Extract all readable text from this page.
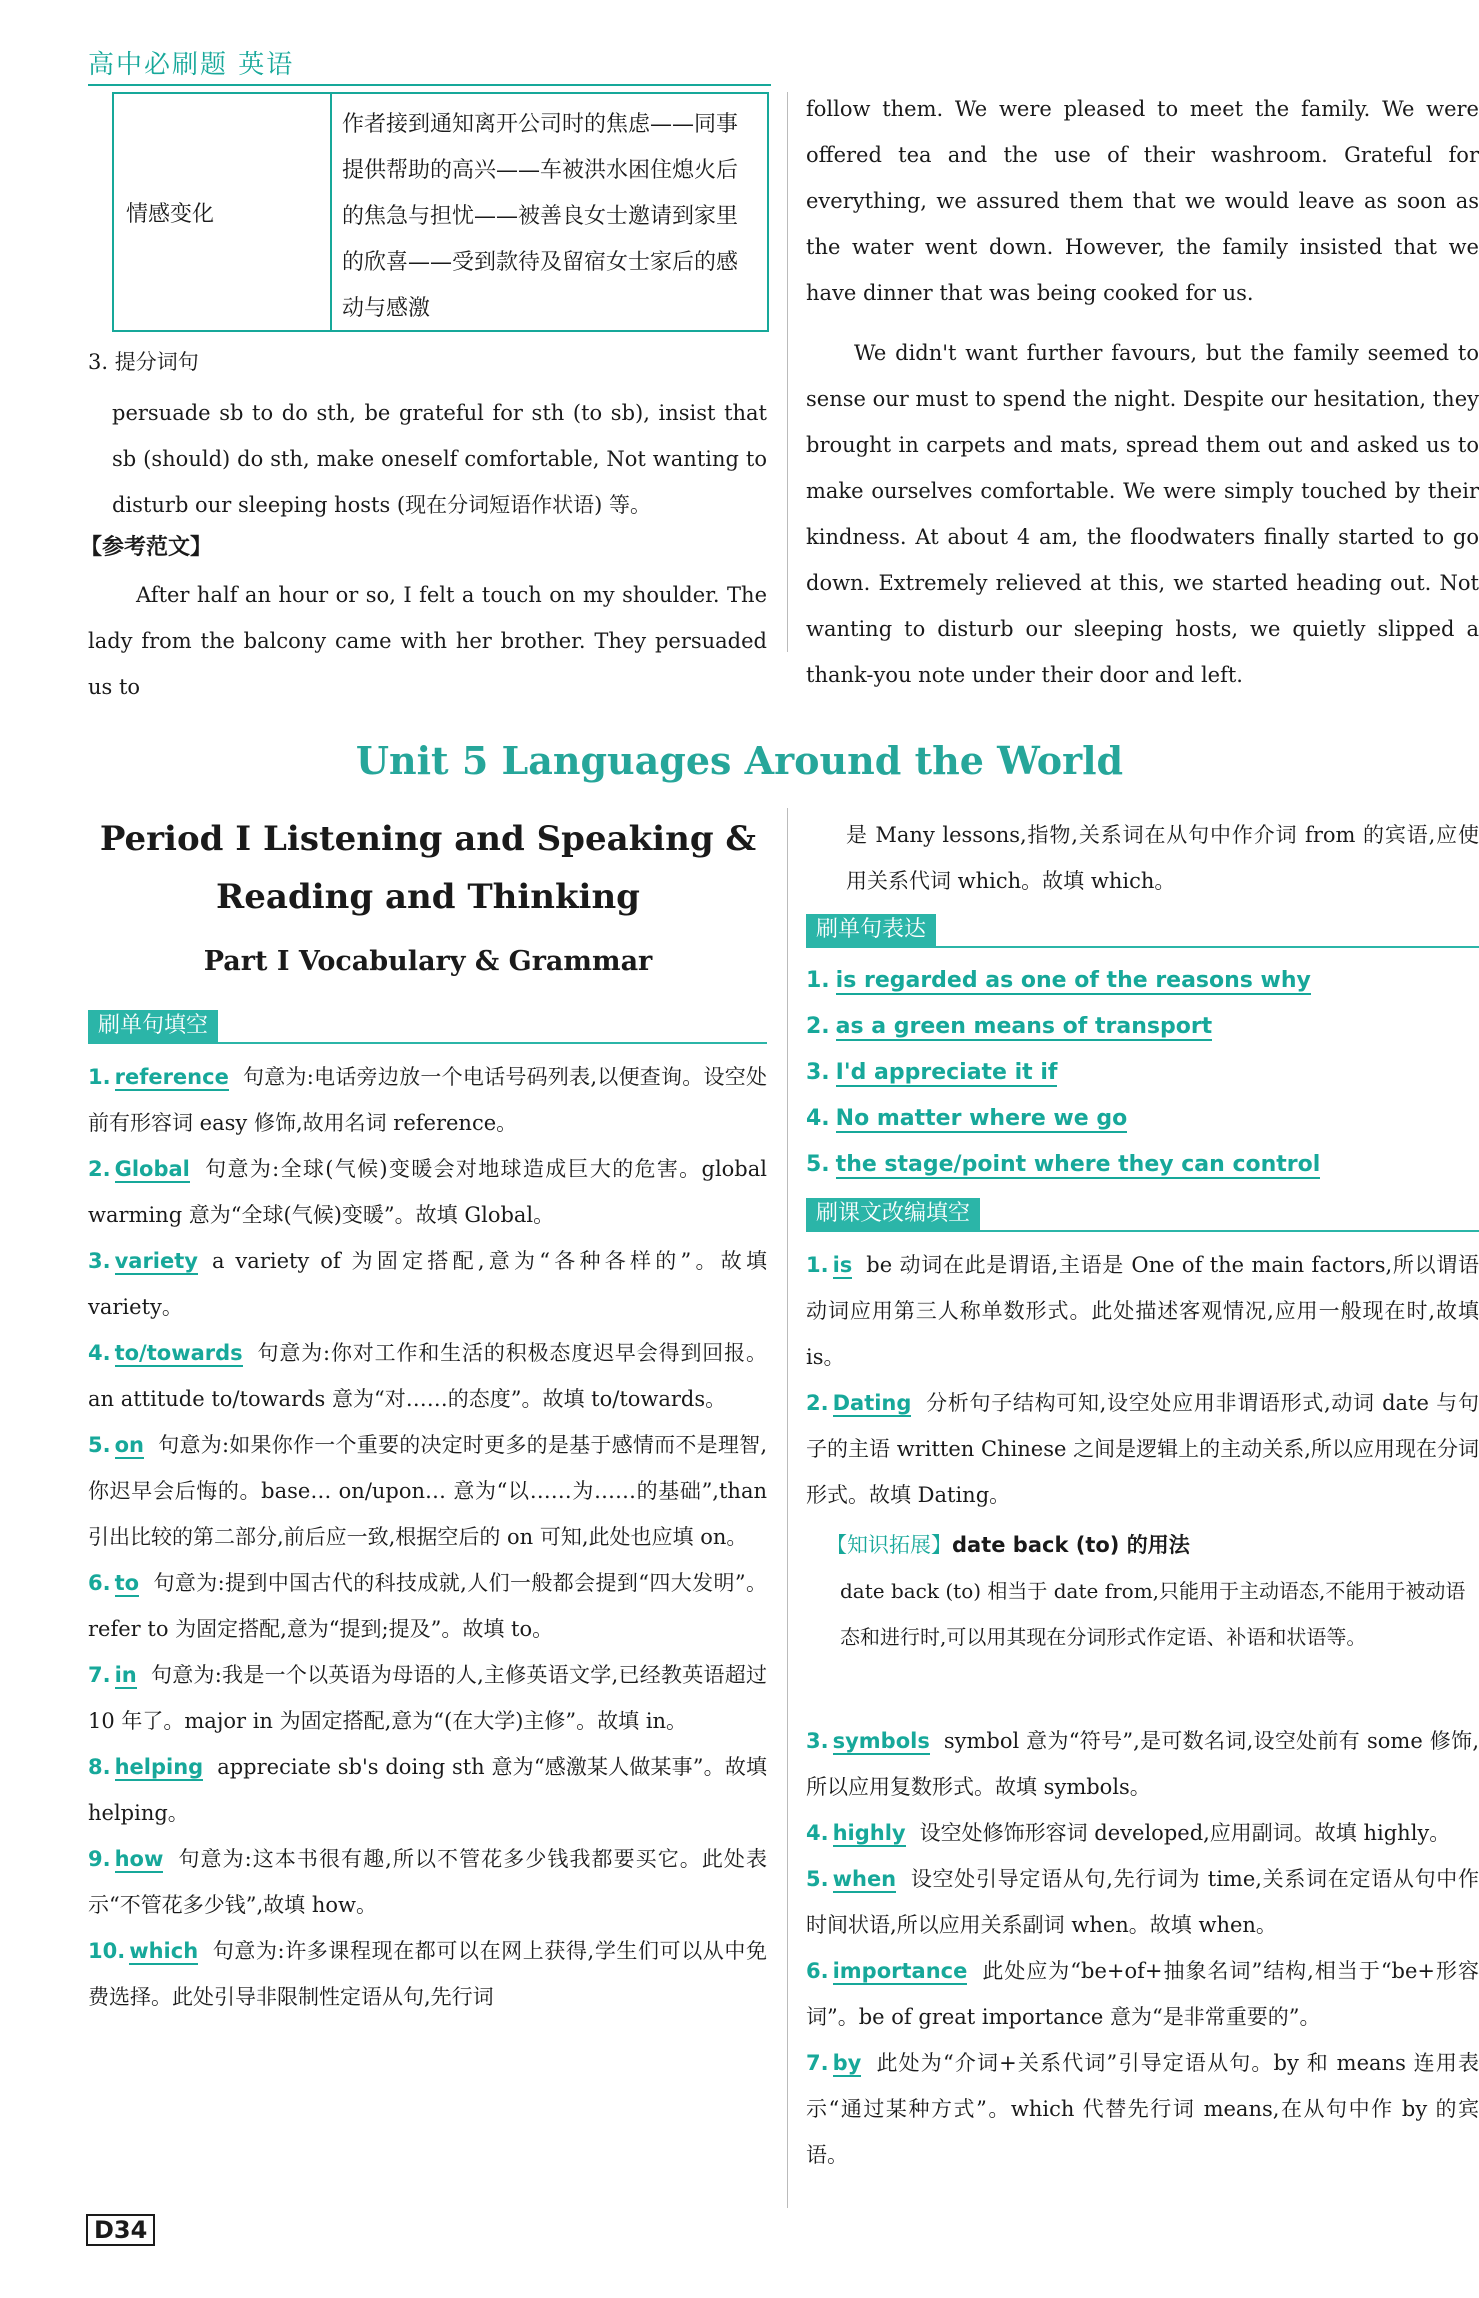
高中必刷题 英语
情感变化
作者接到通知离开公司时的焦虑——同事提供帮助的高兴——车被洪水困住熄火后的焦急与担忧——被善良女士邀请到家里的欣喜——受到款待及留宿女士家后的感动与感激
3. 提分词句
persuade sb to do sth, be grateful for sth (to sb), insist that sb (should) do sth, make oneself comfortable, Not wanting to disturb our sleeping hosts (现在分词短语作状语) 等。
【参考范文】
After half an hour or so, I felt a touch on my shoulder. The lady from the balcony came with her brother. They persuaded us to
follow them. We were pleased to meet the family. We were offered tea and the use of their washroom. Grateful for everything, we assured them that we would leave as soon as the water went down. However, the family insisted that we have dinner that was being cooked for us.
We didn't want further favours, but the family seemed to sense our must to spend the night. Despite our hesitation, they brought in carpets and mats, spread them out and asked us to make ourselves comfortable. We were simply touched by their kindness. At about 4 am, the floodwaters finally started to go down. Extremely relieved at this, we started heading out. Not wanting to disturb our sleeping hosts, we quietly slipped a thank-you note under their door and left.
Unit 5 Languages Around the World
Period Ⅰ Listening and Speaking &
Reading and Thinking
Part Ⅰ Vocabulary & Grammar
刷单句填空
1. reference 句意为:电话旁边放一个电话号码列表,以便查询。设空处前有形容词 easy 修饰,故用名词 reference。
2. Global 句意为:全球(气候)变暖会对地球造成巨大的危害。global warming 意为“全球(气候)变暖”。故填 Global。
3. variety a variety of 为固定搭配,意为“各种各样的”。故填 variety。
4. to/towards 句意为:你对工作和生活的积极态度迟早会得到回报。an attitude to/towards 意为“对……的态度”。故填 to/towards。
5. on 句意为:如果你作一个重要的决定时更多的是基于感情而不是理智,你迟早会后悔的。base… on/upon… 意为“以……为……的基础”,than 引出比较的第二部分,前后应一致,根据空后的 on 可知,此处也应填 on。
6. to 句意为:提到中国古代的科技成就,人们一般都会提到“四大发明”。refer to 为固定搭配,意为“提到;提及”。故填 to。
7. in 句意为:我是一个以英语为母语的人,主修英语文学,已经教英语超过 10 年了。major in 为固定搭配,意为“(在大学)主修”。故填 in。
8. helping appreciate sb's doing sth 意为“感激某人做某事”。故填 helping。
9. how 句意为:这本书很有趣,所以不管花多少钱我都要买它。此处表示“不管花多少钱”,故填 how。
10. which 句意为:许多课程现在都可以在网上获得,学生们可以从中免费选择。此处引导非限制性定语从句,先行词
是 Many lessons,指物,关系词在从句中作介词 from 的宾语,应使用关系代词 which。故填 which。
刷单句表达
1. is regarded as one of the reasons why
2. as a green means of transport
3. I'd appreciate it if
4. No matter where we go
5. the stage/point where they can control
刷课文改编填空
1. is be 动词在此是谓语,主语是 One of the main factors,所以谓语动词应用第三人称单数形式。此处描述客观情况,应用一般现在时,故填 is。
2. Dating 分析句子结构可知,设空处应用非谓语形式,动词 date 与句子的主语 written Chinese 之间是逻辑上的主动关系,所以应用现在分词形式。故填 Dating。
【知识拓展】date back (to) 的用法
date back (to) 相当于 date from,只能用于主动语态,不能用于被动语态和进行时,可以用其现在分词形式作定语、补语和状语等。
3. symbols symbol 意为“符号”,是可数名词,设空处前有 some 修饰,所以应用复数形式。故填 symbols。
4. highly 设空处修饰形容词 developed,应用副词。故填 highly。
5. when 设空处引导定语从句,先行词为 time,关系词在定语从句中作时间状语,所以应用关系副词 when。故填 when。
6. importance 此处应为“be+of+抽象名词”结构,相当于“be+形容词”。be of great importance 意为“是非常重要的”。
7. by 此处为“介词+关系代词”引导定语从句。by 和 means 连用表示“通过某种方式”。which 代替先行词 means,在从句中作 by 的宾语。
D34
